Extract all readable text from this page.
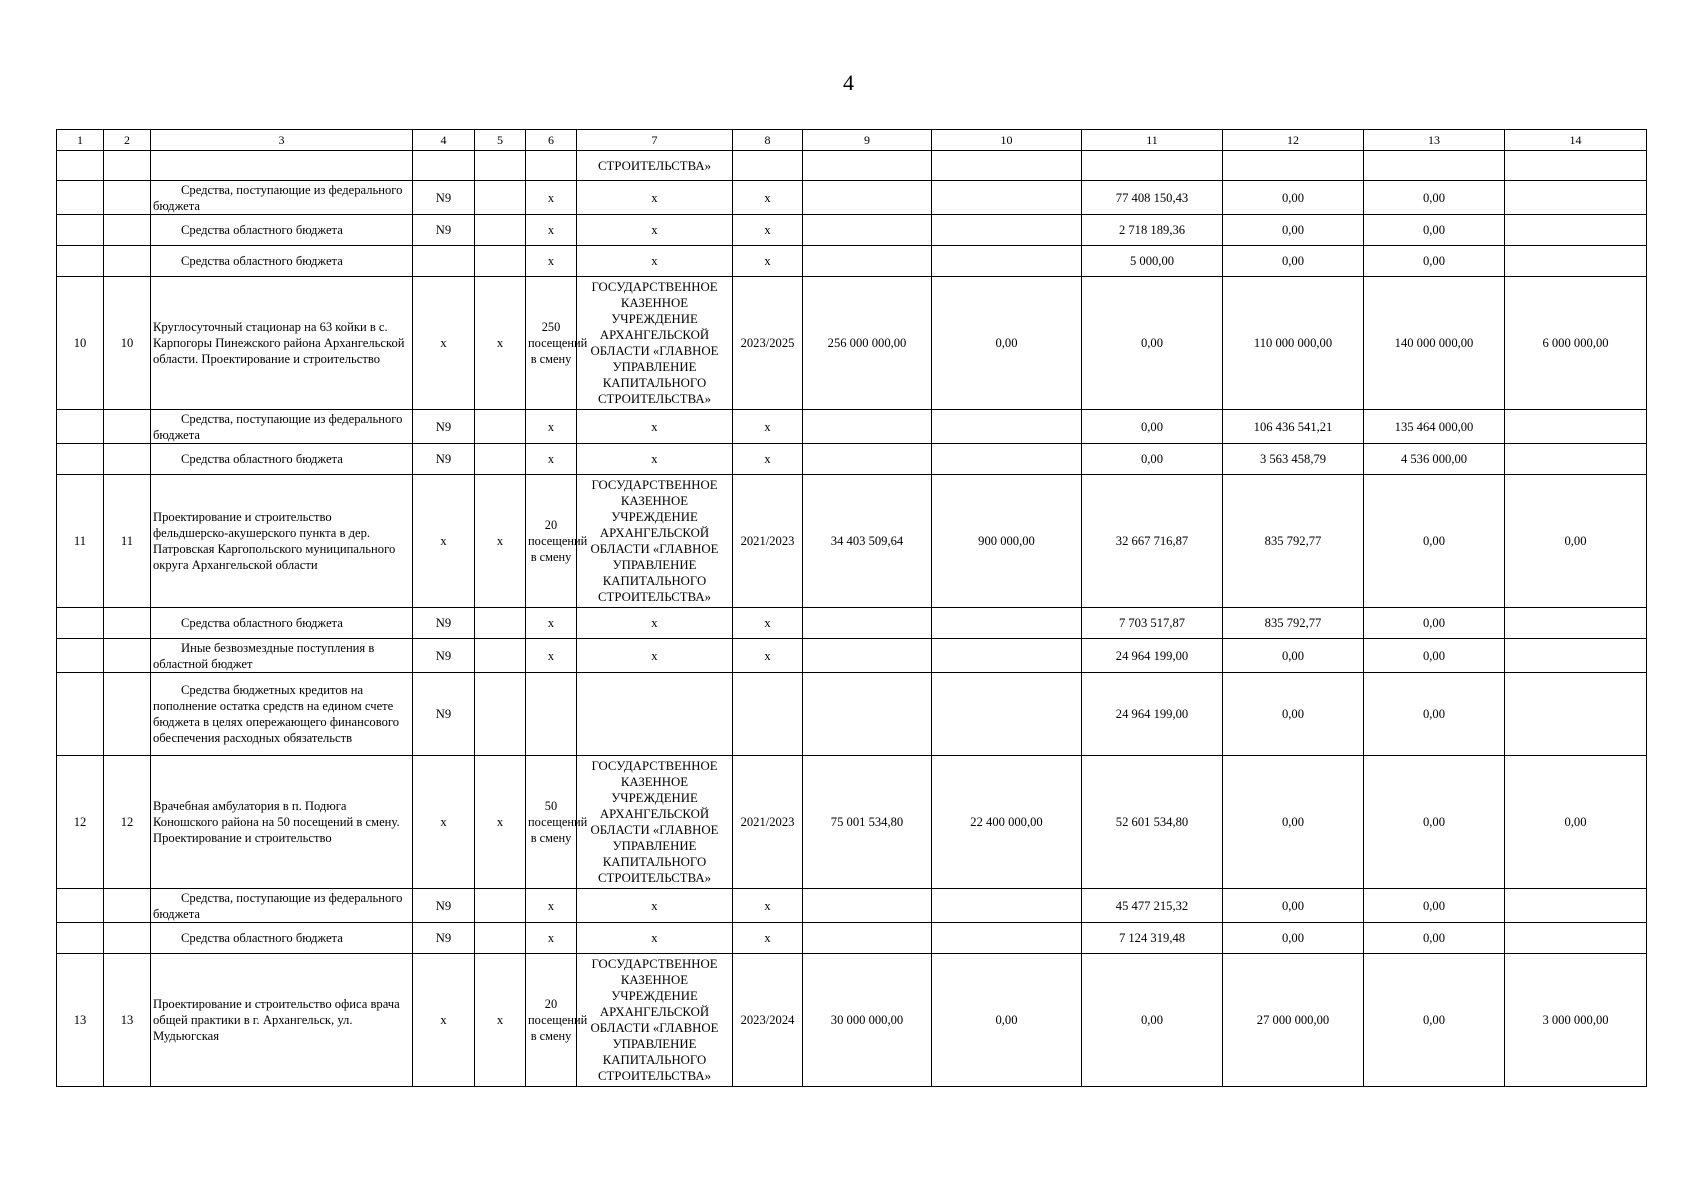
4
1	2	3	4	5	6	7	8	9	10	11	12	13	14
						СТРОИТЕЛЬСТВА»							
		Средства, поступающие из федерального бюджета	N9		x	x	x			77 408 150,43	0,00	0,00	
		Средства областного бюджета	N9		x	x	x			2 718 189,36	0,00	0,00	
		Средства областного бюджета			x	x	x			5 000,00	0,00	0,00	
10	10	Круглосуточный стационар на 63 койки в с. Карпогоры Пинежского района Архангельской области. Проектирование и строительство	x	x	250 посещений в смену	ГОСУДАРСТВЕННОЕ КАЗЕННОЕ УЧРЕЖДЕНИЕ АРХАНГЕЛЬСКОЙ ОБЛАСТИ «ГЛАВНОЕ УПРАВЛЕНИЕ КАПИТАЛЬНОГО СТРОИТЕЛЬСТВА»	2023/2025	256 000 000,00	0,00	0,00	110 000 000,00	140 000 000,00	6 000 000,00
		Средства, поступающие из федерального бюджета	N9		x	x	x			0,00	106 436 541,21	135 464 000,00	
		Средства областного бюджета	N9		x	x	x			0,00	3 563 458,79	4 536 000,00	
11	11	Проектирование и строительство фельдшерско-акушерского пункта в дер. Патровская Каргопольского муниципального округа Архангельской области	x	x	20 посещений в смену	ГОСУДАРСТВЕННОЕ КАЗЕННОЕ УЧРЕЖДЕНИЕ АРХАНГЕЛЬСКОЙ ОБЛАСТИ «ГЛАВНОЕ УПРАВЛЕНИЕ КАПИТАЛЬНОГО СТРОИТЕЛЬСТВА»	2021/2023	34 403 509,64	900 000,00	32 667 716,87	835 792,77	0,00	0,00
		Средства областного бюджета	N9		x	x	x			7 703 517,87	835 792,77	0,00	
		Иные безвозмездные поступления в областной бюджет	N9		x	x	x			24 964 199,00	0,00	0,00	
		Средства бюджетных кредитов на пополнение остатка средств на едином счете бюджета в целях опережающего финансового обеспечения расходных обязательств	N9							24 964 199,00	0,00	0,00	
12	12	Врачебная амбулатория в п. Подюга Коношского района на 50 посещений в смену. Проектирование и строительство	x	x	50 посещений в смену	ГОСУДАРСТВЕННОЕ КАЗЕННОЕ УЧРЕЖДЕНИЕ АРХАНГЕЛЬСКОЙ ОБЛАСТИ «ГЛАВНОЕ УПРАВЛЕНИЕ КАПИТАЛЬНОГО СТРОИТЕЛЬСТВА»	2021/2023	75 001 534,80	22 400 000,00	52 601 534,80	0,00	0,00	0,00
		Средства, поступающие из федерального бюджета	N9		x	x	x			45 477 215,32	0,00	0,00	
		Средства областного бюджета	N9		x	x	x			7 124 319,48	0,00	0,00	
13	13	Проектирование и строительство офиса врача общей практики в г. Архангельск, ул. Мудьюгская	x	x	20 посещений в смену	ГОСУДАРСТВЕННОЕ КАЗЕННОЕ УЧРЕЖДЕНИЕ АРХАНГЕЛЬСКОЙ ОБЛАСТИ «ГЛАВНОЕ УПРАВЛЕНИЕ КАПИТАЛЬНОГО СТРОИТЕЛЬСТВА»	2023/2024	30 000 000,00	0,00	0,00	27 000 000,00	0,00	3 000 000,00
